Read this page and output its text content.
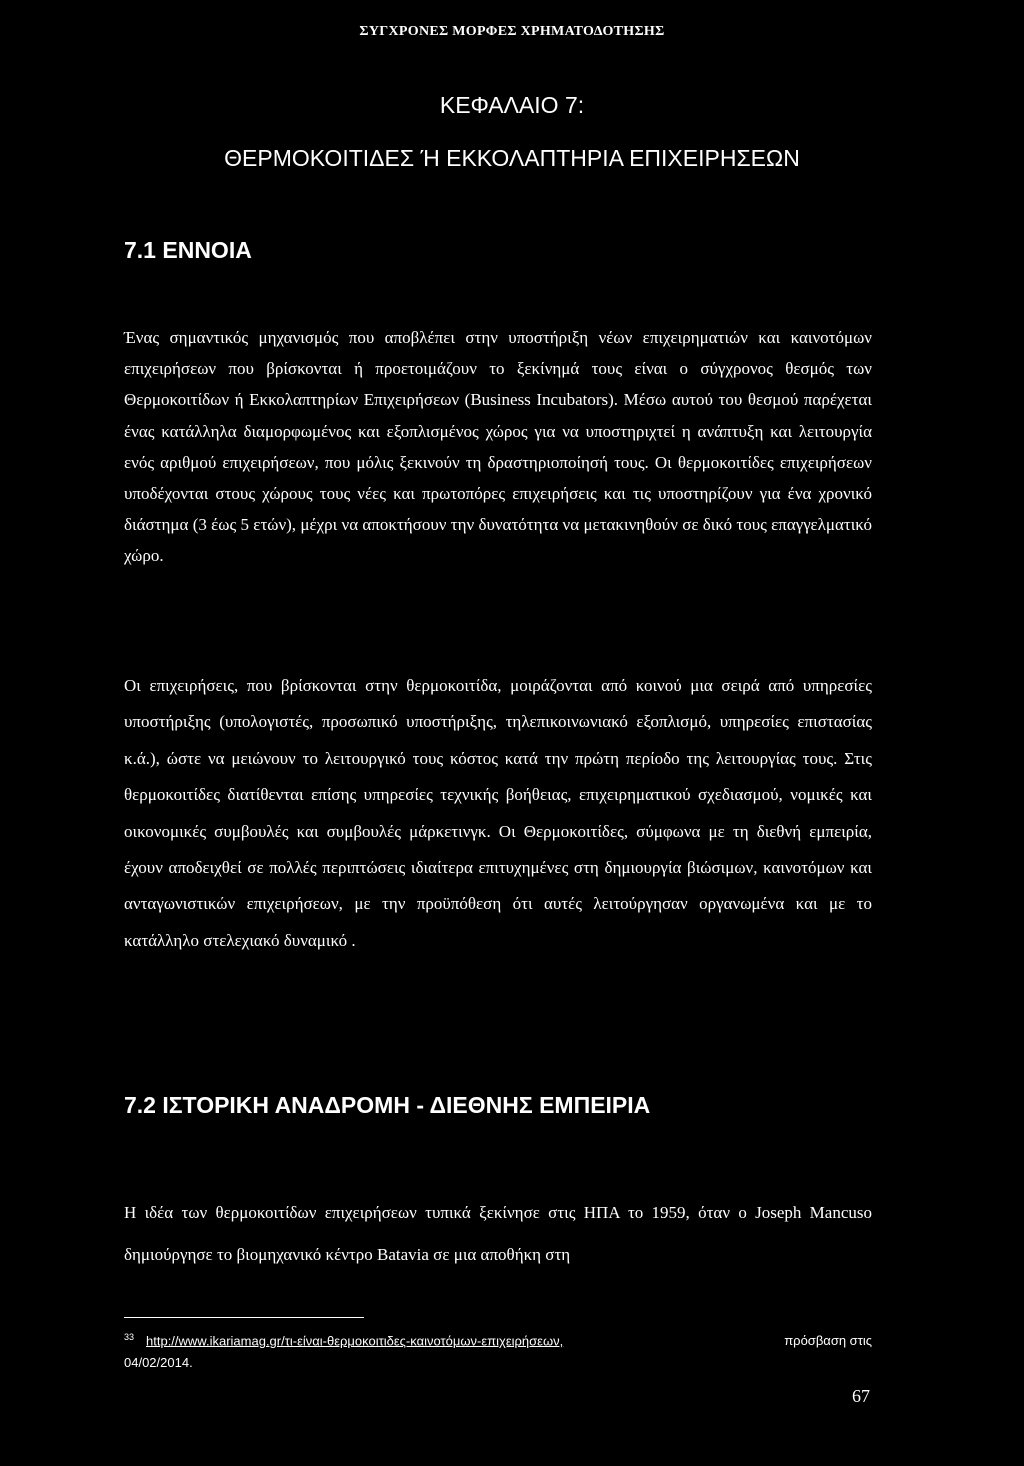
ΣΥΓΧΡΟΝΕΣ ΜΟΡΦΕΣ ΧΡΗΜΑΤΟΔΟΤΗΣΗΣ
ΚΕΦΑΛΑΙΟ 7:
ΘΕΡΜΟΚΟΙΤΙΔΕΣ Ή ΕΚΚΟΛΑΠΤΗΡΙΑ ΕΠΙΧΕΙΡΗΣΕΩΝ
7.1 ΕΝΝΟΙΑ

Ένας σημαντικός μηχανισμός που αποβλέπει στην υποστήριξη νέων επιχειρηματιών και καινοτόμων επιχειρήσεων που βρίσκονται ή προετοιμάζουν το ξεκίνημά τους είναι ο σύγχρονος θεσμός των Θερμοκοιτίδων ή Εκκολαπτηρίων Επιχειρήσεων (Business Incubators). Μέσω αυτού του θεσμού παρέχεται ένας κατάλληλα διαμορφωμένος και εξοπλισμένος χώρος για να υποστηριχτεί η ανάπτυξη και λειτουργία ενός αριθμού επιχειρήσεων, που μόλις ξεκινούν τη δραστηριοποίησή τους. Οι θερμοκοιτίδες επιχειρήσεων υποδέχονται στους χώρους τους νέες και πρωτοπόρες επιχειρήσεις και τις υποστηρίζουν για ένα χρονικό διάστημα (3 έως 5 ετών), μέχρι να αποκτήσουν την δυνατότητα να μετακινηθούν σε δικό τους επαγγελματικό χώρο.

Οι επιχειρήσεις, που βρίσκονται στην θερμοκοιτίδα, μοιράζονται από κοινού μια σειρά από υπηρεσίες υποστήριξης (υπολογιστές, προσωπικό υποστήριξης, τηλεπικοινωνιακό εξοπλισμό, υπηρεσίες επιστασίας κ.ά.), ώστε να μειώνουν το λειτουργικό τους κόστος κατά την πρώτη περίοδο της λειτουργίας τους. Στις θερμοκοιτίδες διατίθενται επίσης υπηρεσίες τεχνικής βοήθειας, επιχειρηματικού σχεδιασμού, νομικές και οικονομικές συμβουλές και συμβουλές μάρκετινγκ. Οι Θερμοκοιτίδες, σύμφωνα με τη διεθνή εμπειρία, έχουν αποδειχθεί σε πολλές περιπτώσεις ιδιαίτερα επιτυχημένες στη δημιουργία βιώσιμων, καινοτόμων και ανταγωνιστικών επιχειρήσεων, με την προϋπόθεση ότι αυτές λειτούργησαν οργανωμένα και με το κατάλληλο στελεχιακό δυναμικό .

7.2 ΙΣΤΟΡΙΚΗ ΑΝΑΔΡΟΜΗ - ΔΙΕΘΝΗΣ ΕΜΠΕΙΡΙΑ

Η ιδέα των θερμοκοιτίδων επιχειρήσεων τυπικά ξεκίνησε στις ΗΠΑ το 1959, όταν ο Joseph Mancuso δημιούργησε το βιομηχανικό κέντρο Batavia σε μια αποθήκη στη

$^{33}$ http://www.ikariamag.gr/τι-είναι-θερμοκοιτιδες-καινοτόμων-επιχειρήσεων,	πρόσβαση στις
04/02/2014.
67
